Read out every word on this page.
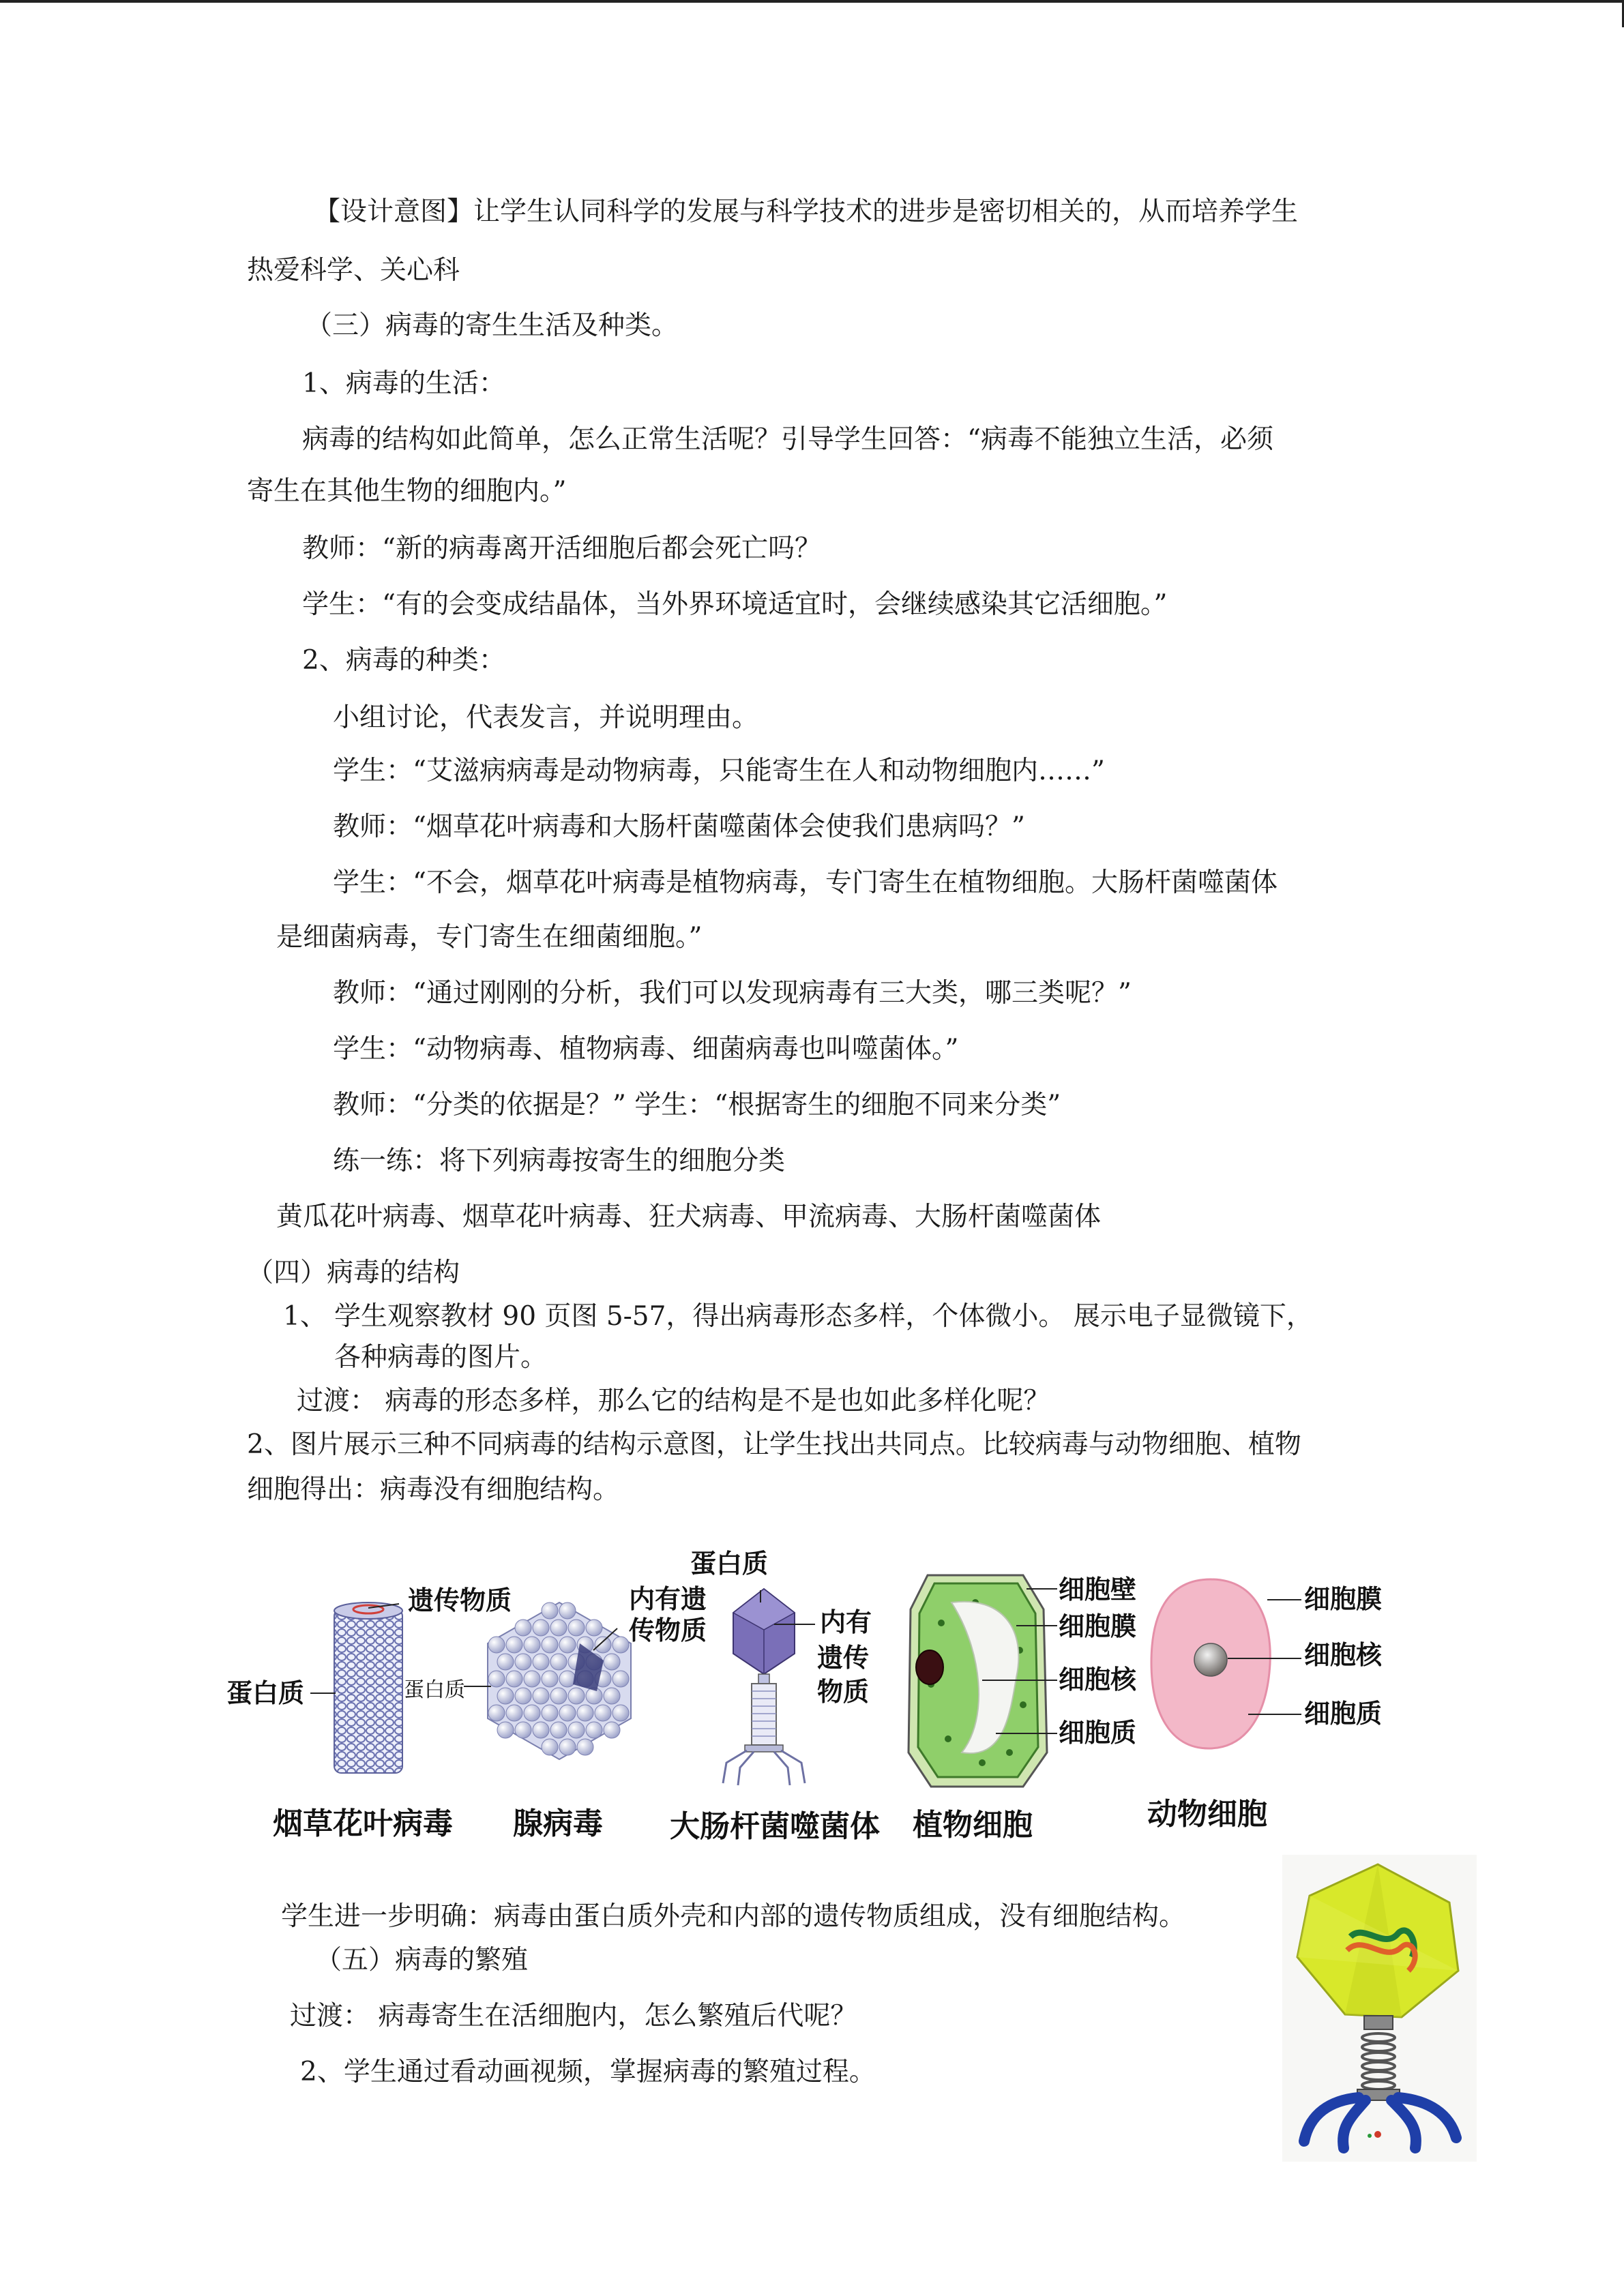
【设计意图】让学生认同科学的发展与科学技术的进步是密切相关的，从而培养学生
热爱科学、关心科
（三）病毒的寄生生活及种类。
1、病毒的生活：
病毒的结构如此简单，怎么正常生活呢？引导学生回答：“病毒不能独立生活，必须
寄生在其他生物的细胞内。”
教师：“新的病毒离开活细胞后都会死亡吗？
学生：“有的会变成结晶体，当外界环境适宜时，会继续感染其它活细胞。”
2、病毒的种类：
小组讨论，代表发言，并说明理由。
学生：“艾滋病病毒是动物病毒，只能寄生在人和动物细胞内……”
教师：“烟草花叶病毒和大肠杆菌噬菌体会使我们患病吗？”
学生：“不会，烟草花叶病毒是植物病毒，专门寄生在植物细胞。大肠杆菌噬菌体
是细菌病毒，专门寄生在细菌细胞。”
教师：“通过刚刚的分析，我们可以发现病毒有三大类，哪三类呢？”
学生：“动物病毒、植物病毒、细菌病毒也叫噬菌体。”
教师：“分类的依据是？” 学生：“根据寄生的细胞不同来分类”
练一练：将下列病毒按寄生的细胞分类
黄瓜花叶病毒、烟草花叶病毒、狂犬病毒、甲流病毒、大肠杆菌噬菌体
（四）病毒的结构
1、 学生观察教材 90 页图 5-57，得出病毒形态多样，个体微小。 展示电子显微镜下，
各种病毒的图片。
过渡： 病毒的形态多样，那么它的结构是不是也如此多样化呢？
2、图片展示三种不同病毒的结构示意图，让学生找出共同点。比较病毒与动物细胞、植物
细胞得出：病毒没有细胞结构。
遗传物质
蛋白质
烟草花叶病毒
内有遗
传物质
蛋白质
腺病毒
蛋白质
内有
遗传
物质
大肠杆菌噬菌体
细胞壁
细胞膜
细胞核
细胞质
植物细胞
细胞膜
细胞核
细胞质
动物细胞
学生进一步明确：病毒由蛋白质外壳和内部的遗传物质组成，没有细胞结构。
（五）病毒的繁殖
过渡： 病毒寄生在活细胞内，怎么繁殖后代呢？
2、学生通过看动画视频，掌握病毒的繁殖过程。
